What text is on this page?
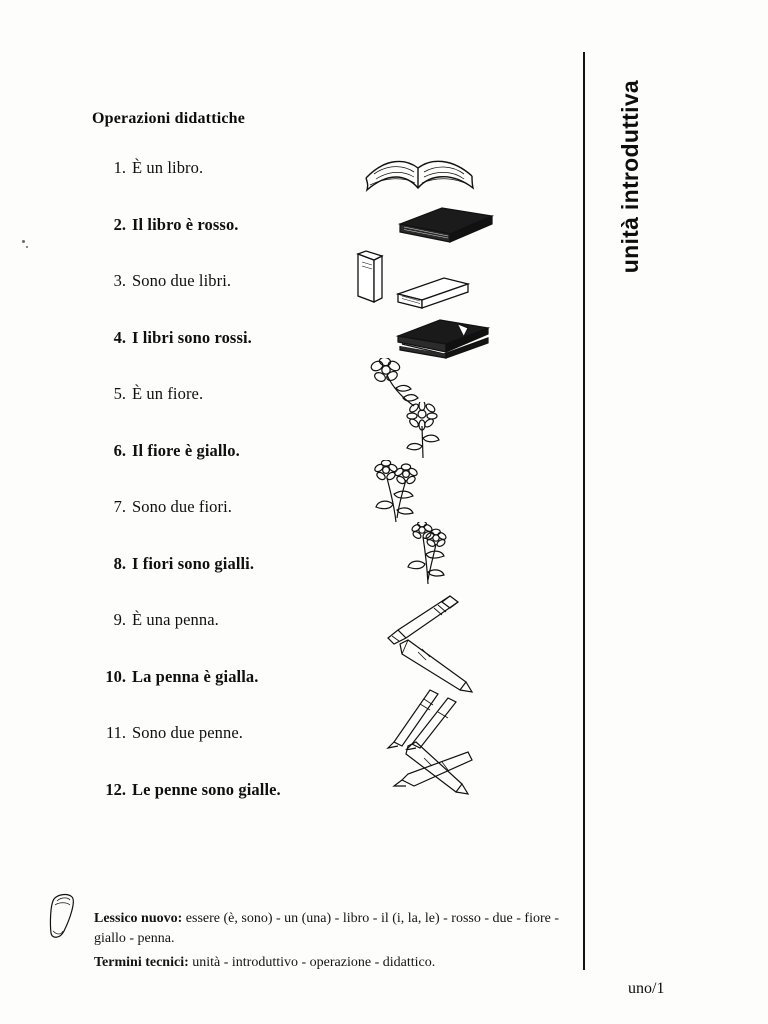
unità introduttiva
Operazioni didattiche
1. È un libro.
2. Il libro è rosso.
3. Sono due libri.
4. I libri sono rossi.
5. È un fiore.
6. Il fiore è giallo.
7. Sono due fiori.
8. I fiori sono gialli.
9. È una penna.
10. La penna è gialla.
11. Sono due penne.
12. Le penne sono gialle.
Lessico nuovo: essere (è, sono) - un (una) - libro - il (i, la, le) - rosso - due - fiore - giallo - penna.
Termini tecnici: unità - introduttivo - operazione - didattico.
uno/1
